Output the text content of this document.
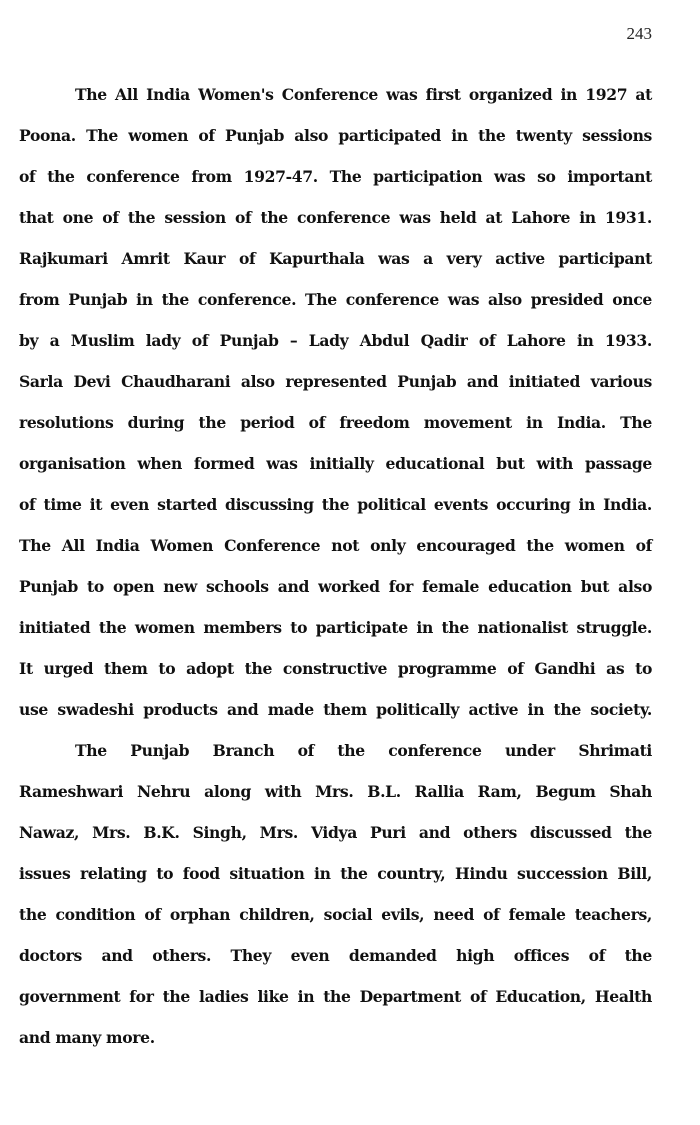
243
The All India Women's Conference was first organized in 1927 at
Poona. The women of Punjab also participated in the twenty sessions
of the conference from 1927-47. The participation was so important
that one of the session of the conference was held at Lahore in 1931.
Rajkumari Amrit Kaur of Kapurthala was a very active participant
from Punjab in the conference. The conference was also presided once
by a Muslim lady of Punjab – Lady Abdul Qadir of Lahore in 1933.
Sarla Devi Chaudharani also represented Punjab and initiated various
resolutions during the period of freedom movement in India. The
organisation when formed was initially educational but with passage
of time it even started discussing the political events occuring in India.
The All India Women Conference not only encouraged the women of
Punjab to open new schools and worked for female education but also
initiated the women members to participate in the nationalist struggle.
It urged them to adopt the constructive programme of Gandhi as to
use swadeshi products and made them politically active in the society.
The Punjab Branch of the conference under Shrimati
Rameshwari Nehru along with Mrs. B.L. Rallia Ram, Begum Shah
Nawaz, Mrs. B.K. Singh, Mrs. Vidya Puri and others discussed the
issues relating to food situation in the country, Hindu succession Bill,
the condition of orphan children, social evils, need of female teachers,
doctors and others. They even demanded high offices of the
government for the ladies like in the Department of Education, Health
and many more.
